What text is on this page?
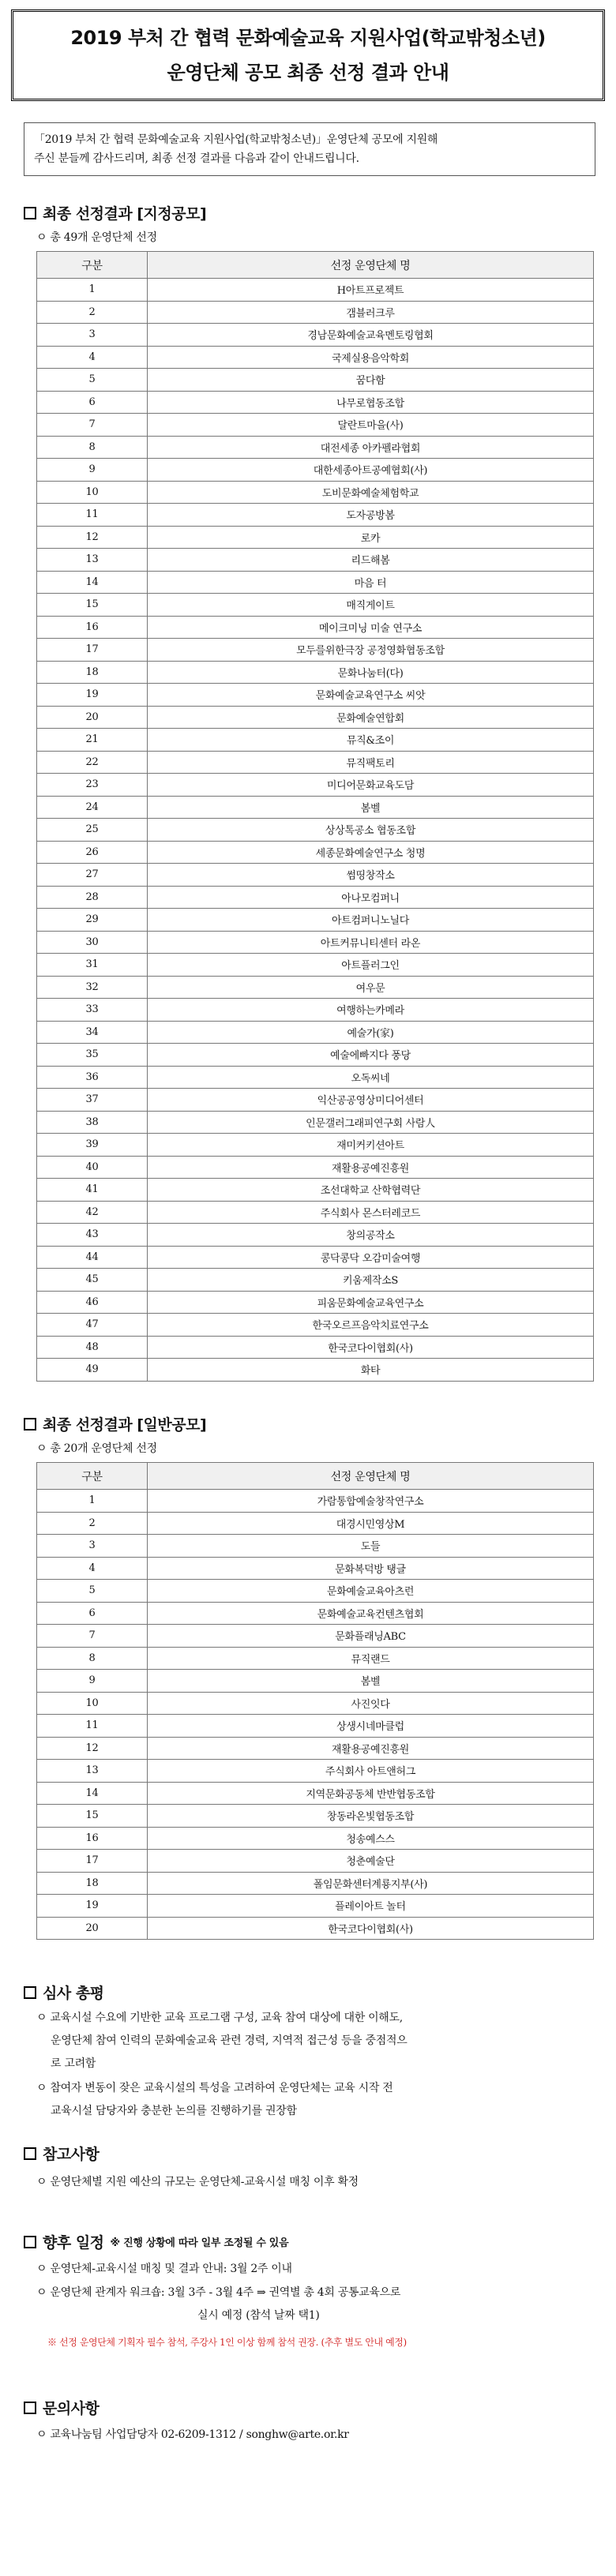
2019 부처 간 협력 문화예술교육 지원사업(학교밖청소년)
운영단체 공모 최종 선정 결과 안내
「2019 부처 간 협력 문화예술교육 지원사업(학교밖청소년)」운영단체 공모에 지원해
주신 분들께 감사드리며, 최종 선정 결과를 다음과 같이 안내드립니다.
최종 선정결과 [지정공모]
ㅇ 총 49개 운영단체 선정
구분	선정 운영단체 명
1	H아트프로젝트
2	갬블러크루
3	경남문화예술교육멘토링협회
4	국제실용음악학회
5	꿈다함
6	나무로협동조합
7	달란트마을(사)
8	대전세종 아카펠라협회
9	대한세종아트공예협회(사)
10	도비문화예술체험학교
11	도자공방봄
12	로카
13	리드해봄
14	마음 터
15	매직게이트
16	메이크미닝 미술 연구소
17	모두를위한극장 공정영화협동조합
18	문화나눔터(다)
19	문화예술교육연구소 씨앗
20	문화예술연합회
21	뮤직&조이
22	뮤직팩토리
23	미디어문화교육도담
24	봄벨
25	상상톡공소 협동조합
26	세종문화예술연구소 청명
27	썸띵창작소
28	아나모컴퍼니
29	아트컴퍼니노닐다
30	아트커뮤니티센터 라온
31	아트플러그인
32	여우문
33	여행하는카메라
34	예술가(家)
35	예술에빠지다 풍당
36	오독씨네
37	익산공공영상미디어센터
38	인문갤러그래피연구회 사람人
39	재미커키션아트
40	재활용공예진흥원
41	조선대학교 산학협력단
42	주식회사 몬스터레코드
43	창의공작소
44	콩닥콩닥 오감미술여행
45	키움제작소S
46	피움문화예술교육연구소
47	한국오르프음악치료연구소
48	한국코다이협회(사)
49	화타
최종 선정결과 [일반공모]
ㅇ 총 20개 운영단체 선정
구분	선정 운영단체 명
1	가람통합예술창작연구소
2	대경시민영상M
3	도들
4	문화복덕방 탱글
5	문화예술교육아츠런
6	문화예술교육컨텐츠협회
7	문화플래닝ABC
8	뮤직랜드
9	봄벨
10	사진잇다
11	상생시네마클럽
12	재활용공예진흥원
13	주식회사 아트앤허그
14	지역문화공동체 반반협동조합
15	창동라온빛협동조합
16	청송예스스
17	청춘예술단
18	폴임문화센터계룡지부(사)
19	플레이아트 놀터
20	한국코다이협회(사)
심사 총평
ㅇ 교육시설 수요에 기반한 교육 프로그램 구성, 교육 참여 대상에 대한 이해도,
운영단체 참여 인력의 문화예술교육 관련 경력, 지역적 접근성 등을 중점적으
로 고려함
ㅇ 참여자 변동이 잦은 교육시설의 특성을 고려하여 운영단체는 교육 시작 전
교육시설 담당자와 충분한 논의를 진행하기를 권장함
참고사항
ㅇ 운영단체별 지원 예산의 규모는 운영단체-교육시설 매칭 이후 확정
향후 일정 ※ 진행 상황에 따라 일부 조정될 수 있음
ㅇ 운영단체-교육시설 매칭 및 결과 안내: 3월 2주 이내
ㅇ 운영단체 관계자 워크숍: 3월 3주 - 3월 4주 ⇒ 권역별 총 4회 공통교육으로
실시 예정 (참석 날짜 택1)
※ 선정 운영단체 기획자 필수 참석, 주강사 1인 이상 함께 참석 권장. (추후 별도 안내 예정)
문의사항
ㅇ 교육나눔팀 사업담당자 02-6209-1312 / songhw@arte.or.kr
